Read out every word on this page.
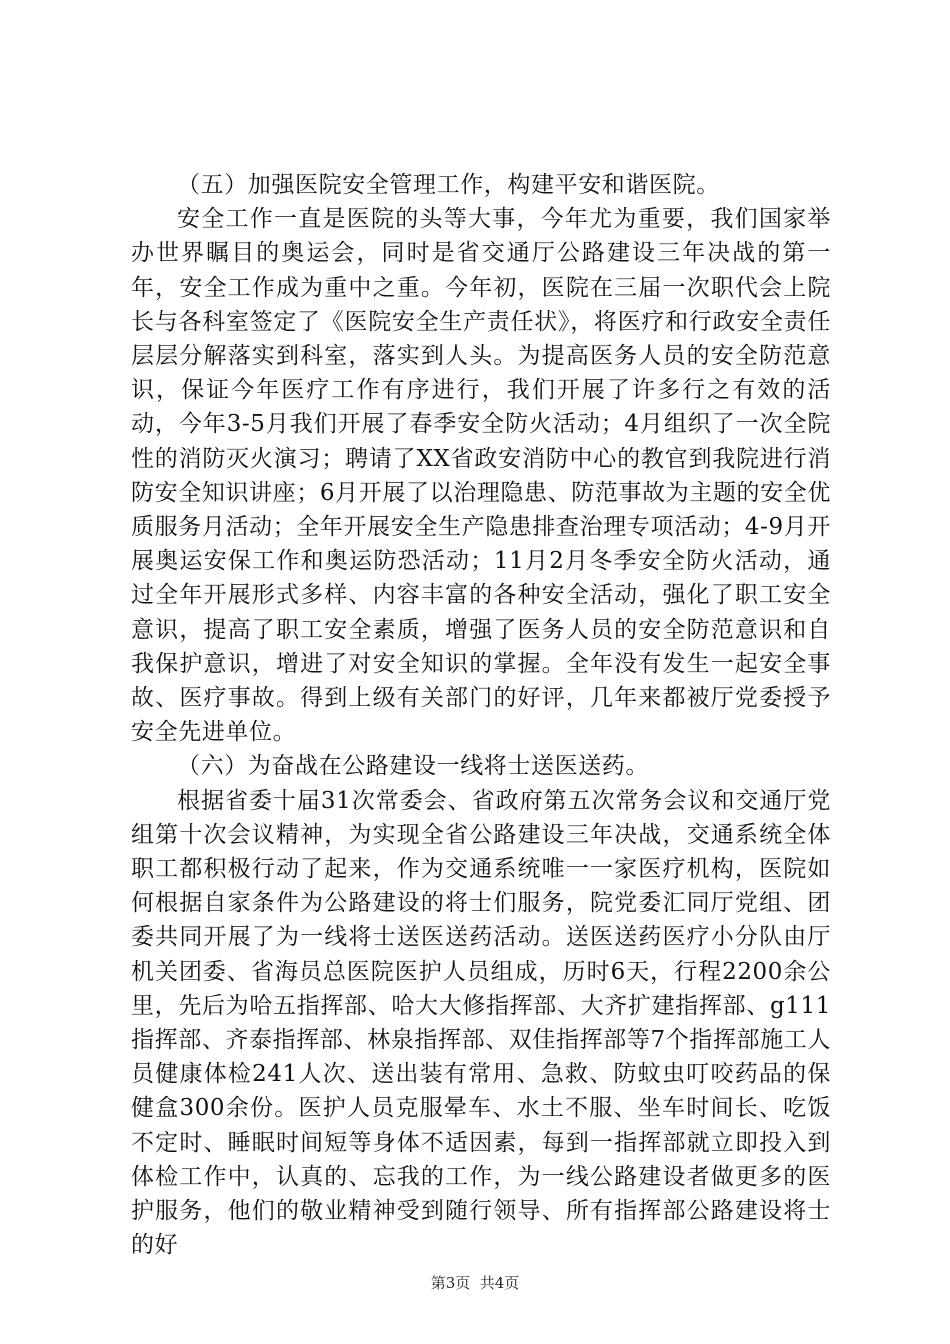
（五）加强医院安全管理工作，构建平安和谐医院。

安全工作一直是医院的头等大事，今年尤为重要，我们国家举办世界瞩目的奥运会，同时是省交通厅公路建设三年决战的第一年，安全工作成为重中之重。今年初，医院在三届一次职代会上院长与各科室签定了《医院安全生产责任状》，将医疗和行政安全责任层层分解落实到科室，落实到人头。为提高医务人员的安全防范意识，保证今年医疗工作有序进行，我们开展了许多行之有效的活动，今年3-5月我们开展了春季安全防火活动；4月组织了一次全院性的消防灭火演习；聘请了XX省政安消防中心的教官到我院进行消防安全知识讲座；6月开展了以治理隐患、防范事故为主题的安全优质服务月活动；全年开展安全生产隐患排查治理专项活动；4-9月开展奥运安保工作和奥运防恐活动；11月2月冬季安全防火活动，通过全年开展形式多样、内容丰富的各种安全活动，强化了职工安全意识，提高了职工安全素质，增强了医务人员的安全防范意识和自我保护意识，增进了对安全知识的掌握。全年没有发生一起安全事故、医疗事故。得到上级有关部门的好评，几年来都被厅党委授予安全先进单位。

（六）为奋战在公路建设一线将士送医送药。

根据省委十届31次常委会、省政府第五次常务会议和交通厅党组第十次会议精神，为实现全省公路建设三年决战，交通系统全体职工都积极行动了起来，作为交通系统唯一一家医疗机构，医院如何根据自家条件为公路建设的将士们服务，院党委汇同厅党组、团委共同开展了为一线将士送医送药活动。送医送药医疗小分队由厅机关团委、省海员总医院医护人员组成，历时6天，行程2200余公里，先后为哈五指挥部、哈大大修指挥部、大齐扩建指挥部、g111指挥部、齐泰指挥部、林泉指挥部、双佳指挥部等7个指挥部施工人员健康体检241人次、送出装有常用、急救、防蚊虫叮咬药品的保健盒300余份。医护人员克服晕车、水土不服、坐车时间长、吃饭不定时、睡眠时间短等身体不适因素，每到一指挥部就立即投入到体检工作中，认真的、忘我的工作，为一线公路建设者做更多的医护服务，他们的敬业精神受到随行领导、所有指挥部公路建设将士的好

第3页  共4页
